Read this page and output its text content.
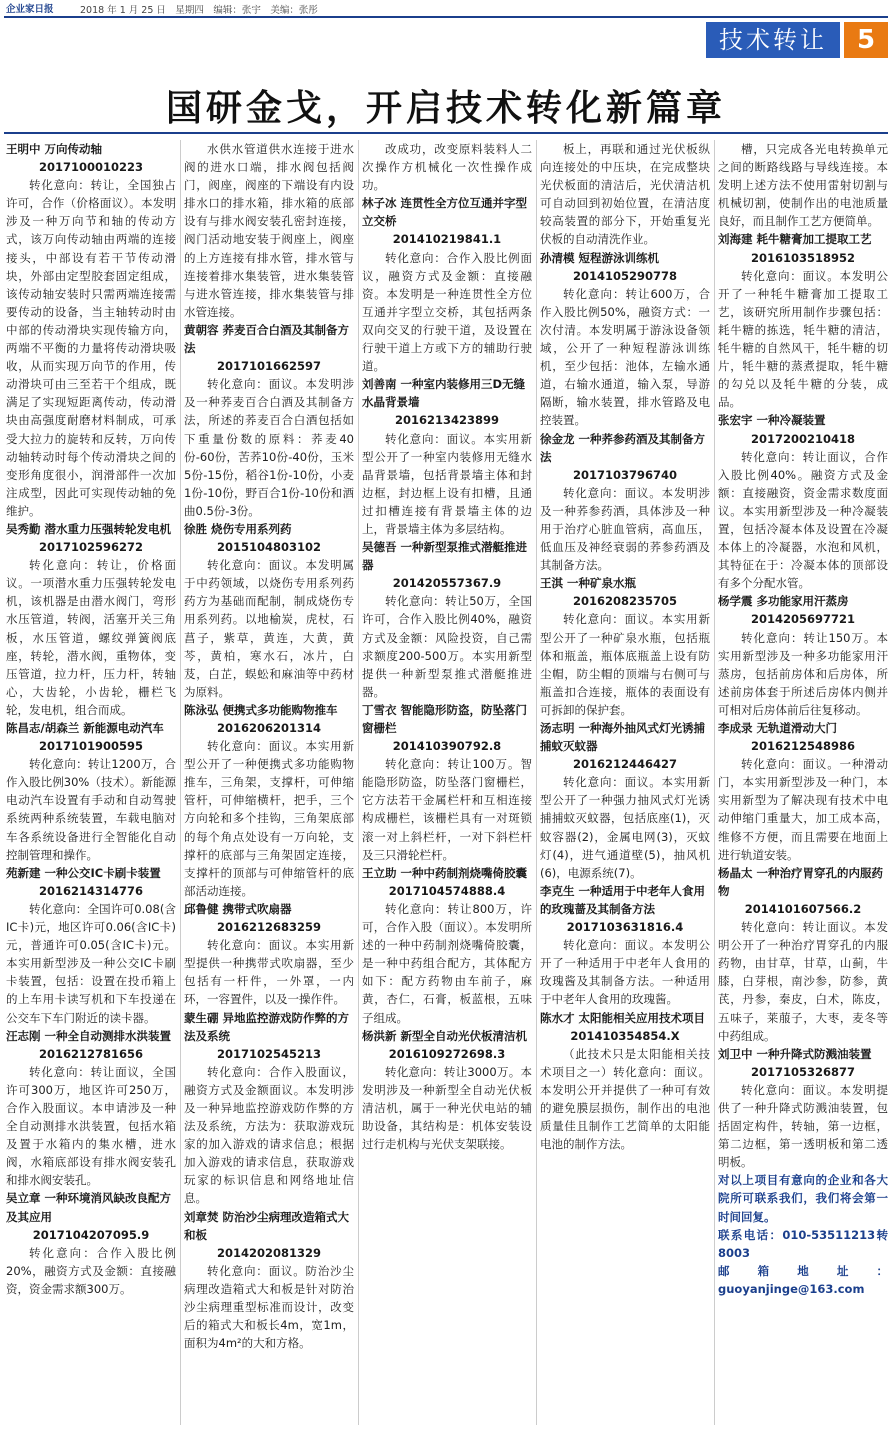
企业家日报	2018 年 1 月 25 日　星期四　编辑：张宇　美编：张彤
技术转让	5
国研金戈，开启技术转化新篇章
王明中 万向传动轴
2017100010223

转化意向：转让，全国独占许可，合作（价格面议）。本发明涉及一种万向节和轴的传动方式，该万向传动轴由两端的连接接头，中部设有若干节传动滑块，外部由定型胶套固定组成，该传动轴安装时只需两端连接需要传动的设备，当主轴转动时由中部的传动滑块实现传输方向，两端不平衡的力量将传动滑块吸收，从而实现万向节的作用，传动滑块可由三至若干个组成，既满足了实现短距离传动，传动滑块由高强度耐磨材料制成，可承受大拉力的旋转和反转，万向传动轴转动时每个传动滑块之间的变形角度很小，润滑部件一次加注成型，因此可实现传动轴的免维护。

吴秀勤 潜水重力压强转轮发电机
2017102596272

转化意向：转让，价格面议。一项潜水重力压强转轮发电机，该机器是由潜水阀门，弯形水压管道，转阀，活塞开关三角板，水压管道，螺纹弹簧阀底座，转轮，潜水阀，重物体，变压管道，拉力杆，压力杆，转轴心，大齿轮，小齿轮，栅栏飞轮，发电机，组合而成。

陈昌志/胡森兰 新能源电动汽车
2017101900595

转化意向：转让1200万，合作入股比例30%（技术）。新能源电动汽车设置有手动和自动驾驶系统两种系统装置，车载电脑对车各系统设备进行全智能化自动控制管理和操作。

苑新建 一种公交IC卡刷卡装置
2016214314776

转化意向：全国许可0.08(含IC卡)元，地区许可0.06(含IC卡)元，普通许可0.05(含IC卡)元。本实用新型涉及一种公交IC卡刷卡装置，包括：设置在投币箱上的上车用卡读写机和下车投递在公交车下车门附近的读卡器。

汪志刚 一种全自动测排水洪装置
2016212781656

转化意向：转让面议，全国许可300万，地区许可250万，合作入股面议。本申请涉及一种全自动测排水洪装置，包括水箱及置于水箱内的集水槽，进水阀，水箱底部设有排水阀安装孔和排水阀安装孔。

吴立章 一种环境消风缺改良配方及其应用
2017104207095.9

转化意向：合作入股比例20%，融资方式及金额：直接融资，资金需求额300万。

水供水管道供水连接于进水阀的进水口端，排水阀包括阀门，阀座，阀座的下端设有内设排水口的排水箱，排水箱的底部设有与排水阀安装孔密封连接，阀门活动地安装于阀座上，阀座的上方连接有排水管，排水管与连接着排水集装管，进水集装管与进水管连接，排水集装管与排水管连接。

黄朝容 荞麦百合白酒及其制备方法
2017101662597

转化意向：面议。本发明涉及一种荞麦百合白酒及其制备方法，所述的荞麦百合白酒包括如下重量份数的原料：荞麦40份-60份，苦荞10份-40份，玉米5份-15份，稻谷1份-10份，小麦1份-10份，野百合1份-10份和酒曲0.5份-3份。

徐胜 烧伤专用系列药
2015104803102

转化意向：面议。本发明属于中药领域，以烧伤专用系列药药方为基础而配制，制成烧伤专用系列药。以地榆炭，虎杖，石菖子，紫草，黄连，大黄，黄芩，黄柏，寒水石，冰片，白芨，白芷，蜈蚣和麻油等中药材为原料。

陈泳弘 便携式多功能购物推车
2016206201314

转化意向：面议。本实用新型公开了一种便携式多功能购物推车，三角架，支撑杆，可伸缩管杆，可伸缩横杆，把手，三个方向轮和多个挂钩，三角架底部的每个角点处设有一万向轮，支撑杆的底部与三角架固定连接，支撑杆的顶部与可伸缩管杆的底部活动连接。

邱鲁健 携带式吹扇器
2016212683259

转化意向：面议。本实用新型提供一种携带式吹扇器，至少包括有一杆件，一外罩，一内环，一容置件，以及一操作件。

蒙生硼 异地监控游戏防作弊的方法及系统
2017102545213

转化意向：合作入股面议，融资方式及金额面议。本发明涉及一种异地监控游戏防作弊的方法及系统，方法为：获取游戏玩家的加入游戏的请求信息；根据加入游戏的请求信息，获取游戏玩家的标识信息和网络地址信息。

刘章焚 防治沙尘病理改造箱式大和板
2014202081329

转化意向：面议。防治沙尘病理改造箱式大和板是针对防治沙尘病理重型标准而设计，改变后的箱式大和板长4m，宽1m，面积为4m²的大和方格。

改成功，改变原料装料人二次操作方机械化一次性操作成功。

林子冰 连贯性全方位互通并字型立交桥
201410219841.1

转化意向：合作入股比例面议，融资方式及金额：直接融资。本发明是一种连贯性全方位互通并字型立交桥，其包括两条双向交叉的行驶干道，及设置在行驶干道上方或下方的辅助行驶道。

刘善南 一种室内装修用三D无缝水晶背景墙
2016213423899

转化意向：面议。本实用新型公开了一种室内装修用无缝水晶背景墙，包括背景墙主体和封边框，封边框上设有扣槽，且通过扣槽连接有背景墙主体的边上，背景墙主体为多层结构。

吴德吾 一种新型泵推式潜艇推进器
201420557367.9

转化意向：转让50万，全国许可，合作入股比例40%，融资方式及金额：风险投资，自己需求额度200-500万。本实用新型提供一种新型泵推式潜艇推进器。

丁雪衣 智能隐形防盗，防坠落门窗栅栏
201410390792.8

转化意向：转让100万。智能隐形防盗，防坠落门窗栅栏，它方法若干金属栏杆和互相连接构成栅栏，该栅栏具有一对斑锁滚一对上斜栏杆，一对下斜栏杆及三只滑轮栏杆。

王立助 一种中药制剂烧嘴倚胶囊
2017104574888.4

转化意向：转让800万，许可，合作入股（面议）。本发明所述的一种中药制剂烧嘴倚胶囊，是一种中药组合配方，其体配方如下：配方药物由车前子，麻黄，杏仁，石膏，板蓝根，五味子组成。

杨洪新 新型全自动光伏板清洁机
2016109272698.3

转化意向：转让3000万。本发明涉及一种新型全自动光伏板清洁机，属于一种光伏电站的辅助设备，其结构是：机体安装设过行走机构与光伏支架联接。

板上，再联和通过光伏板纵向连接处的中压块，在完成整块光伏板面的清洁后，光伏清洁机可自动回到初始位置，在清洁度较高装置的部分下，开始重复光伏板的自动清洗作业。

孙清模 短程游泳训练机
2014105290778

转化意向：转让600万，合作入股比例50%，融资方式：一次付清。本发明属于游泳设备领域，公开了一种短程游泳训练机，至少包括：池体，左输水通道，右输水通道，输入泵，导游隔断，输水装置，排水管路及电控装置。

徐金龙 一种荞参药酒及其制备方法
2017103796740

转化意向：面议。本发明涉及一种荞参药酒，具体涉及一种用于治疗心脏血管病，高血压，低血压及神经衰弱的荞参药酒及其制备方法。

王淇 一种矿泉水瓶
2016208235705

转化意向：面议。本实用新型公开了一种矿泉水瓶，包括瓶体和瓶盖，瓶体底瓶盖上设有防尘帽，防尘帽的顶端与右侧可与瓶盖扣合连接，瓶体的表面设有可拆卸的保护套。

汤志明 一种海外抽风式灯光诱捕捕蚊灭蚊器
2016212446427

转化意向：面议。本实用新型公开了一种强力抽风式灯光诱捕捕蚊灭蚊器，包括底座(1)，灭蚊容器(2)，金属电网(3)，灭蚊灯(4)，进气通道壁(5)，抽风机(6)，电源系统(7)。

李克生 一种适用于中老年人食用的玫瑰蔷及其制备方法
2017103631816.4

转化意向：面议。本发明公开了一种适用于中老年人食用的玫瑰酱及其制备方法。一种适用于中老年人食用的玫瑰酱。

陈水才 太阳能相关应用技术项目
201410354854.X

（此技术只是太阳能相关技术项目之一）转化意向：面议。本发明公开并提供了一种可有效的避免膜层损伤，制作出的电池质量佳且制作工艺简单的太阳能电池的制作方法。

槽，只完成各光电转换单元之间的断路线路与导线连接。本发明上述方法不使用雷射切割与机械切割，使制作出的电池质量良好，而且制作工艺方便简单。

刘海建 耗牛糖膏加工提取工艺
2016103518952

转化意向：面议。本发明公开了一种牦牛糖膏加工提取工艺，该研究所用制作步骤包括：耗牛糖的拣选，牦牛糖的清洁，牦牛糖的自然风干，牦牛糖的切片，牦牛糖的蒸煮提取，牦牛糖的勾兑以及牦牛糖的分装，成品。

张宏宇 一种冷凝装置
2017200210418

转化意向：转让面议，合作入股比例40%。融资方式及金额：直接融资，资金需求数度面议。本实用新型涉及一种冷凝装置，包括冷凝本体及设置在冷凝本体上的冷凝器，水泡和风机，其特征在于：冷凝本体的顶部设有多个分配水管。

杨学震 多功能家用汗蒸房
2014205697721

转化意向：转让150万。本实用新型涉及一种多功能家用汗蒸房，包括前房体和后房体，所述前房体套于所述后房体内侧并可相对后房体前后往复移动。

李成录 无轨道滑动大门
2016212548986

转化意向：面议。一种滑动门，本实用新型涉及一种门，本实用新型为了解决现有技术中电动伸缩门重量大，加工成本高，维修不方便，而且需要在地面上进行轨道安装。

杨晶太 一种治疗胃穿孔的内服药物
2014101607566.2

转化意向：转让面议。本发明公开了一种治疗胃穿孔的内服药物，由甘草，甘草，山蓟，牛膝，白芽根，南沙参，防参，黄芪，丹参，秦皮，白术，陈皮，五味子，莱菔子，大枣，麦冬等中药组成。

刘卫中 一种升降式防溅油装置
2017105326877

转化意向：面议。本发明提供了一种升降式防溅油装置，包括固定构件，转轴，第一边框，第二边框，第一透明板和第二透明板。

对以上项目有意向的企业和各大院所可联系我们，我们将会第一时间回复。
联系电话：010-53511213转8003
邮箱地址：guoyanjinge@163.com
